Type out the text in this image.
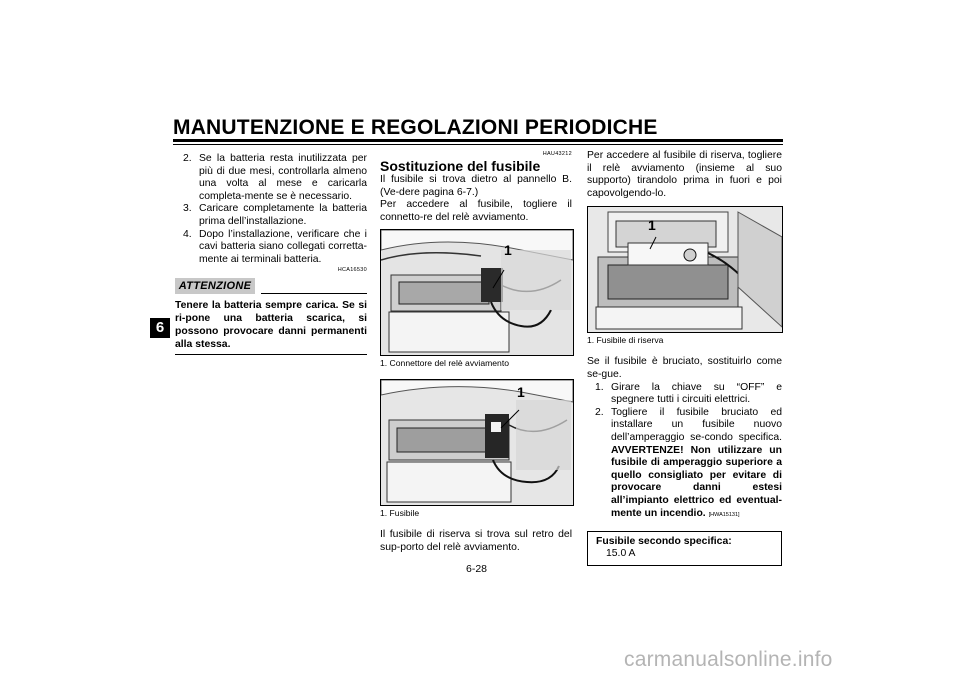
MANUTENZIONE E REGOLAZIONI PERIODICHE
6
2. Se la batteria resta inutilizzata per più di due mesi, controllarla almeno una volta al mese e caricarla completa-mente se è necessario.
3. Caricare completamente la batteria prima dell’installazione.
4. Dopo l’installazione, verificare che i cavi batteria siano collegati corretta-mente ai terminali batteria.
HCA16530
ATTENZIONE
Tenere la batteria sempre carica. Se si ri-pone una batteria scarica, si possono provocare danni permanenti alla stessa.
HAU43212
Sostituzione del fusibile
Il fusibile si trova dietro al pannello B. (Ve-dere pagina 6-7.)
Per accedere al fusibile, togliere il connetto-re del relè avviamento.
1
1. Connettore del relè avviamento
1
1. Fusibile
Il fusibile di riserva si trova sul retro del sup-porto del relè avviamento.
Per accedere al fusibile di riserva, togliere il relè avviamento (insieme al suo supporto) tirandolo prima in fuori e poi capovolgendo-lo.
1
1. Fusibile di riserva
Se il fusibile è bruciato, sostituirlo come se-gue.
1. Girare la chiave su “OFF” e spegnere tutti i circuiti elettrici.
2. Togliere il fusibile bruciato ed installare un fusibile nuovo dell’amperaggio se-condo specifica. AVVERTENZE! Non utilizzare un fusibile di amperaggio superiore a quello consigliato per evitare di provocare danni estesi all’impianto elettrico ed eventual-mente un incendio. [HWA15131]
Fusibile secondo specifica:
15.0 A
6-28
carmanualsonline.info
